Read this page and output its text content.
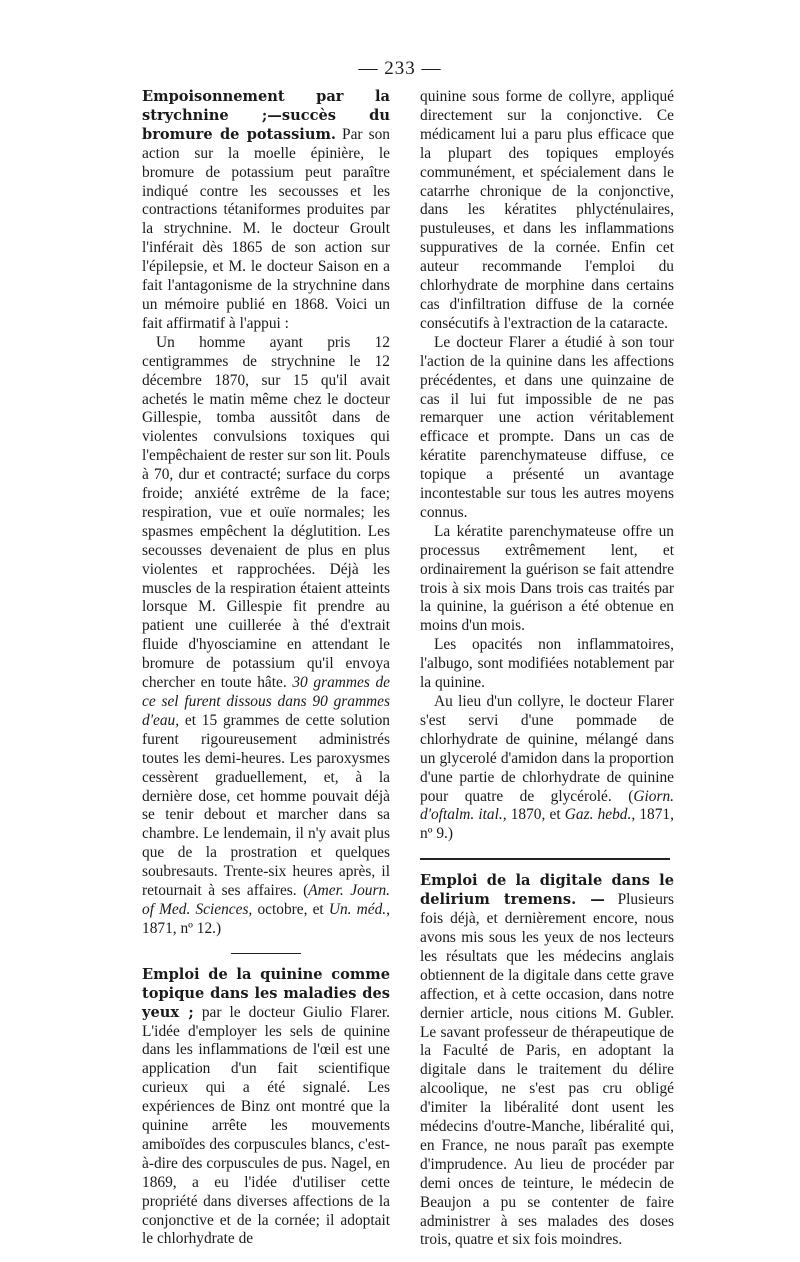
— 233 —

Empoisonnement par la strychnine ;—succès du bromure de potassium. Par son action sur la moelle épinière, le bromure de potassium peut paraître indiqué contre les secousses et les contractions tétaniformes produites par la strychnine. M. le docteur Groult l'inférait dès 1865 de son action sur l'épilepsie, et M. le docteur Saison en a fait l'antagonisme de la strychnine dans un mémoire publié en 1868. Voici un fait affirmatif à l'appui :

Un homme ayant pris 12 centigrammes de strychnine le 12 décembre 1870, sur 15 qu'il avait achetés le matin même chez le docteur Gillespie, tomba aussitôt dans de violentes convulsions toxiques qui l'empêchaient de rester sur son lit. Pouls à 70, dur et contracté; surface du corps froide; anxiété extrême de la face; respiration, vue et ouïe normales; les spasmes empêchent la déglutition. Les secousses devenaient de plus en plus violentes et rapprochées. Déjà les muscles de la respiration étaient atteints lorsque M. Gillespie fit prendre au patient une cuillerée à thé d'extrait fluide d'hyosciamine en attendant le bromure de potassium qu'il envoya chercher en toute hâte. 30 grammes de ce sel furent dissous dans 90 grammes d'eau, et 15 grammes de cette solution furent rigoureusement administrés toutes les demi-heures. Les paroxysmes cessèrent graduellement, et, à la dernière dose, cet homme pouvait déjà se tenir debout et marcher dans sa chambre. Le lendemain, il n'y avait plus que de la prostration et quelques soubresauts. Trente-six heures après, il retournait à ses affaires. (Amer. Journ. of Med. Sciences, octobre, et Un. méd., 1871, nº 12.)

Emploi de la quinine comme topique dans les maladies des yeux ; par le docteur Giulio Flarer. L'idée d'employer les sels de quinine dans les inflammations de l'œil est une application d'un fait scientifique curieux qui a été signalé. Les expériences de Binz ont montré que la quinine arrête les mouvements amiboïdes des corpuscules blancs, c'est-à-dire des corpuscules de pus. Nagel, en 1869, a eu l'idée d'utiliser cette propriété dans diverses affections de la conjonctive et de la cornée; il adoptait le chlorhydrate de

quinine sous forme de collyre, appliqué directement sur la conjonctive. Ce médicament lui a paru plus efficace que la plupart des topiques employés communément, et spécialement dans le catarrhe chronique de la conjonctive, dans les kératites phlycténulaires, pustuleuses, et dans les inflammations suppuratives de la cornée. Enfin cet auteur recommande l'emploi du chlorhydrate de morphine dans certains cas d'infiltration diffuse de la cornée consécutifs à l'extraction de la cataracte.

Le docteur Flarer a étudié à son tour l'action de la quinine dans les affections précédentes, et dans une quinzaine de cas il lui fut impossible de ne pas remarquer une action véritablement efficace et prompte. Dans un cas de kératite parenchymateuse diffuse, ce topique a présenté un avantage incontestable sur tous les autres moyens connus.

La kératite parenchymateuse offre un processus extrêmement lent, et ordinairement la guérison se fait attendre trois à six mois Dans trois cas traités par la quinine, la guérison a été obtenue en moins d'un mois.

Les opacités non inflammatoires, l'albugo, sont modifiées notablement par la quinine.

Au lieu d'un collyre, le docteur Flarer s'est servi d'une pommade de chlorhydrate de quinine, mélangé dans un glycerolé d'amidon dans la proportion d'une partie de chlorhydrate de quinine pour quatre de glycérolé. (Giorn. d'oftalm. ital., 1870, et Gaz. hebd., 1871, nº 9.)

Emploi de la digitale dans le delirium tremens. — Plusieurs fois déjà, et dernièrement encore, nous avons mis sous les yeux de nos lecteurs les résultats que les médecins anglais obtiennent de la digitale dans cette grave affection, et à cette occasion, dans notre dernier article, nous citions M. Gubler. Le savant professeur de thérapeutique de la Faculté de Paris, en adoptant la digitale dans le traitement du délire alcoolique, ne s'est pas cru obligé d'imiter la libéralité dont usent les médecins d'outre-Manche, libéralité qui, en France, ne nous paraît pas exempte d'imprudence. Au lieu de procéder par demi onces de teinture, le médecin de Beaujon a pu se contenter de faire administrer à ses malades des doses trois, quatre et six fois moindres.
